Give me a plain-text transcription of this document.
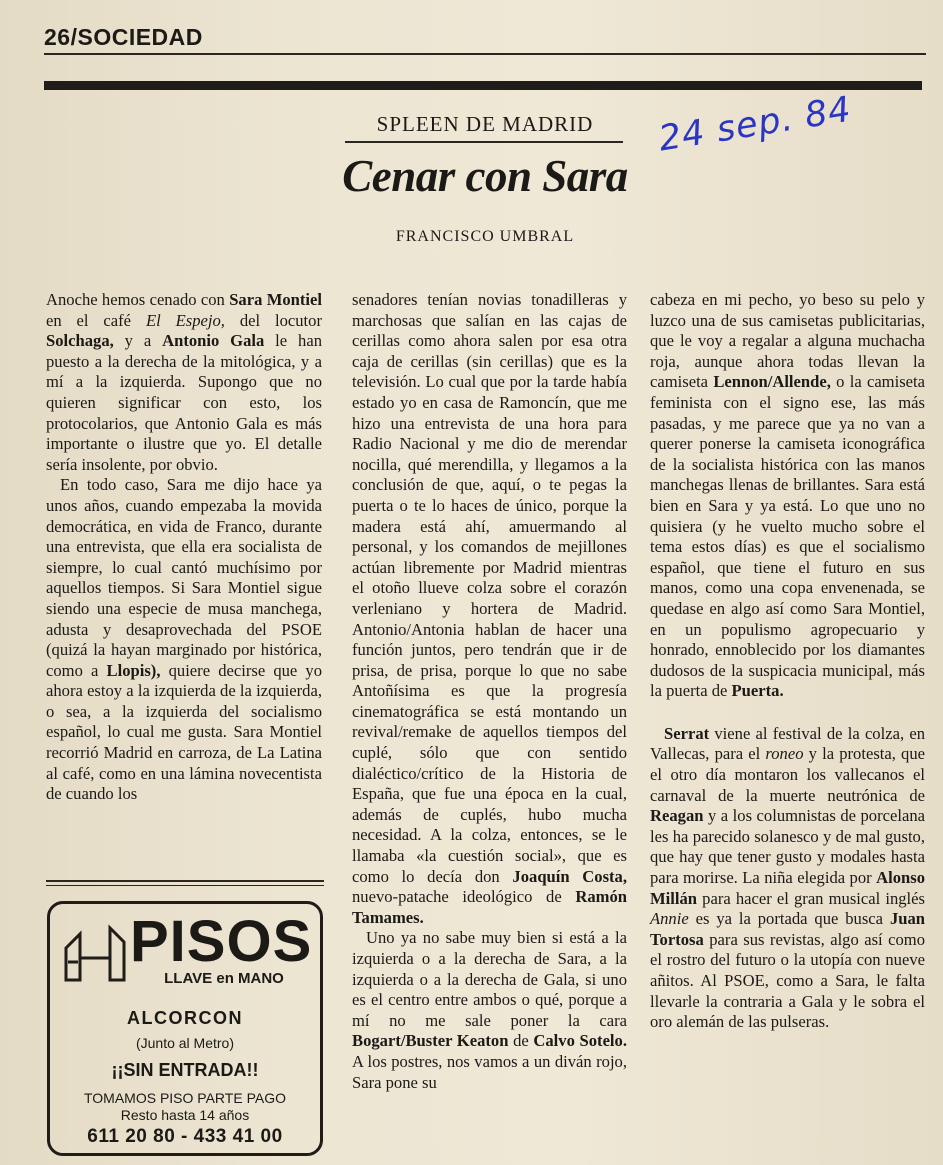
26/SOCIEDAD
SPLEEN DE MADRID
Cenar con Sara
FRANCISCO UMBRAL
24 sep. 84

Anoche hemos cenado con Sara Montiel en el café El Espejo, del locutor Solchaga, y a Antonio Gala le han puesto a la derecha de la mitológica, y a mí a la izquierda. Supongo que no quieren significar con esto, los protocolarios, que Antonio Gala es más importante o ilustre que yo. El detalle sería insolente, por obvio.

En todo caso, Sara me dijo hace ya unos años, cuando empezaba la movida democrática, en vida de Franco, durante una entrevista, que ella era socialista de siempre, lo cual cantó muchísimo por aquellos tiempos. Si Sara Montiel sigue siendo una especie de musa manchega, adusta y desaprovechada del PSOE (quizá la hayan marginado por histórica, como a Llopis), quiere decirse que yo ahora estoy a la izquierda de la izquierda, o sea, a la izquierda del socialismo español, lo cual me gusta. Sara Montiel recorrió Madrid en carroza, de La Latina al café, como en una lámina novecentista de cuando los

senadores tenían novias tonadilleras y marchosas que salían en las cajas de cerillas como ahora salen por esa otra caja de cerillas (sin cerillas) que es la televisión. Lo cual que por la tarde había estado yo en casa de Ramoncín, que me hizo una entrevista de una hora para Radio Nacional y me dio de merendar nocilla, qué merendilla, y llegamos a la conclusión de que, aquí, o te pegas la puerta o te lo haces de único, porque la madera está ahí, amuermando al personal, y los comandos de mejillones actúan libremente por Madrid mientras el otoño llueve colza sobre el corazón verleniano y hortera de Madrid. Antonio/Antonia hablan de hacer una función juntos, pero tendrán que ir de prisa, de prisa, porque lo que no sabe Antoñísima es que la progresía cinematográfica se está montando un revival/remake de aquellos tiempos del cuplé, sólo que con sentido dialéctico/crítico de la Historia de España, que fue una época en la cual, además de cuplés, hubo mucha necesidad. A la colza, entonces, se le llamaba «la cuestión social», que es como lo decía don Joaquín Costa, nuevo-patache ideológico de Ramón Tamames.

Uno ya no sabe muy bien si está a la izquierda o a la derecha de Sara, a la izquierda o a la derecha de Gala, si uno es el centro entre ambos o qué, porque a mí no me sale poner la cara Bogart/Buster Keaton de Calvo Sotelo. A los postres, nos vamos a un diván rojo, Sara pone su

cabeza en mi pecho, yo beso su pelo y luzco una de sus camisetas publicitarias, que le voy a regalar a alguna muchacha roja, aunque ahora todas llevan la camiseta Lennon/Allende, o la camiseta feminista con el signo ese, las más pasadas, y me parece que ya no van a querer ponerse la camiseta iconográfica de la socialista histórica con las manos manchegas llenas de brillantes. Sara está bien en Sara y ya está. Lo que uno no quisiera (y he vuelto mucho sobre el tema estos días) es que el socialismo español, que tiene el futuro en sus manos, como una copa envenenada, se quedase en algo así como Sara Montiel, en un populismo agropecuario y honrado, ennoblecido por los diamantes dudosos de la suspicacia municipal, más la puerta de Puerta.

Serrat viene al festival de la colza, en Vallecas, para el roneo y la protesta, que el otro día montaron los vallecanos el carnaval de la muerte neutrónica de Reagan y a los columnistas de porcelana les ha parecido solanesco y de mal gusto, que hay que tener gusto y modales hasta para morirse. La niña elegida por Alonso Millán para hacer el gran musical inglés Annie es ya la portada que busca Juan Tortosa para sus revistas, algo así como el rostro del futuro o la utopía con nueve añitos. Al PSOE, como a Sara, le falta llevarle la contraria a Gala y le sobra el oro alemán de las pulseras.

PISOS
LLAVE en MANO
ALCORCON
(Junto al Metro)
¡¡SIN ENTRADA!!
TOMAMOS PISO PARTE PAGO
Resto hasta 14 años
611 20 80 - 433 41 00
